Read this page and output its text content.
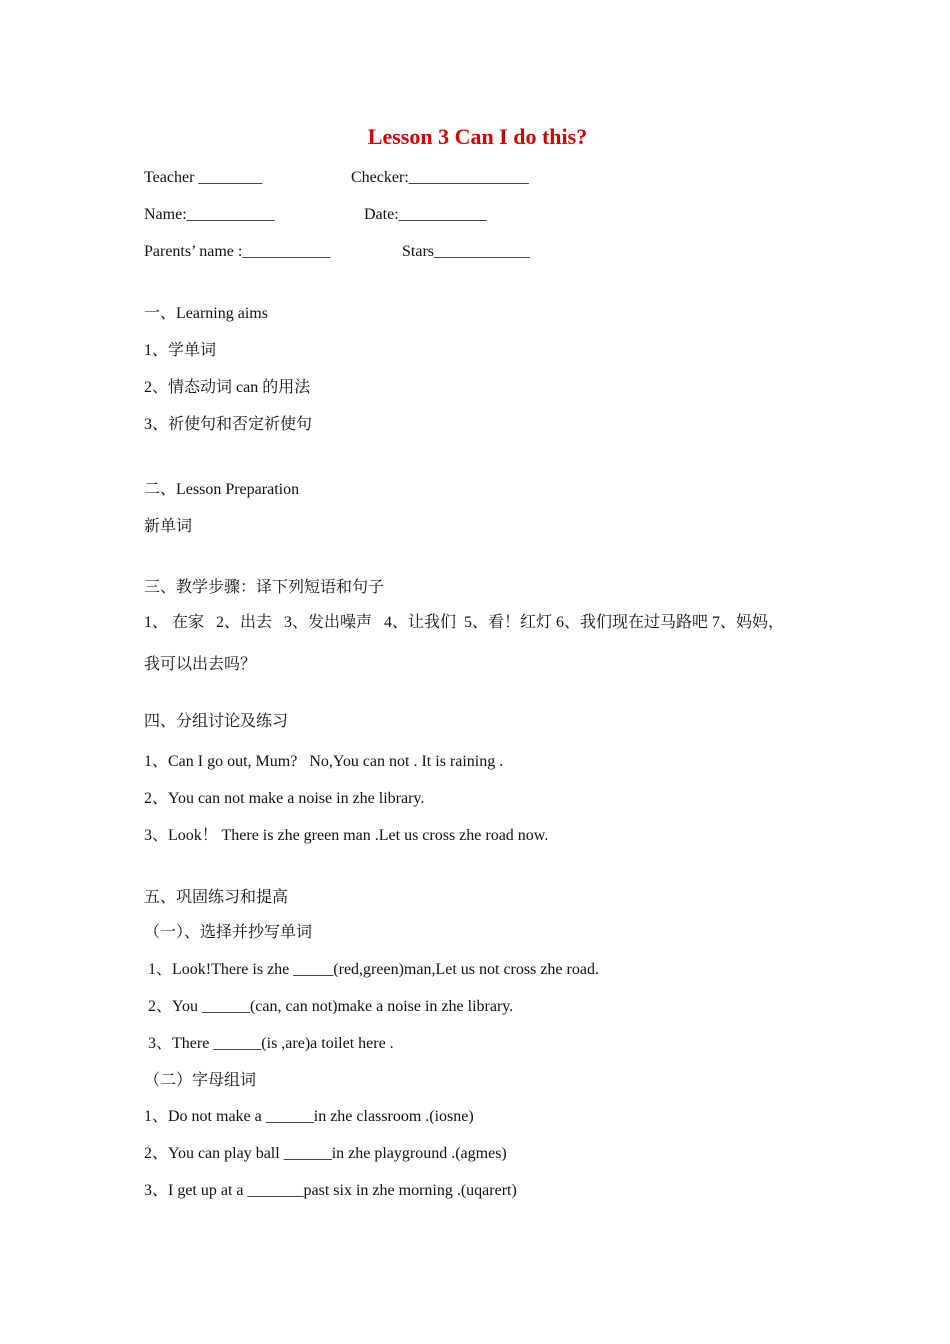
Lesson 3 Can I do this?
Teacher ________	Checker:_______________
Name:___________	Date:___________
Parents’ name :___________	Stars____________
一、Learning aims
1、学单词
2、情态动词 can 的用法
3、祈使句和否定祈使句
二、Lesson Preparation
新单词
三、教学步骤：译下列短语和句子
1、 在家   2、出去   3、发出噪声   4、让我们  5、看！红灯 6、我们现在过马路吧 7、妈妈，
我可以出去吗？
四、分组讨论及练习
1、Can I go out, Mum?   No,You can not . It is raining .
2、You can not make a noise in zhe library.
3、Look！ There is zhe green man .Let us cross zhe road now.
五、巩固练习和提高
（一）、选择并抄写单词
1、Look!There is zhe _____(red,green)man,Let us not cross zhe road.
2、You ______(can, can not)make a noise in zhe library.
3、There ______(is ,are)a toilet here .
（二）字母组词
1、Do not make a ______in zhe classroom .(iosne)
2、You can play ball ______in zhe playground .(agmes)
3、I get up at a _______past six in zhe morning .(uqarert)
